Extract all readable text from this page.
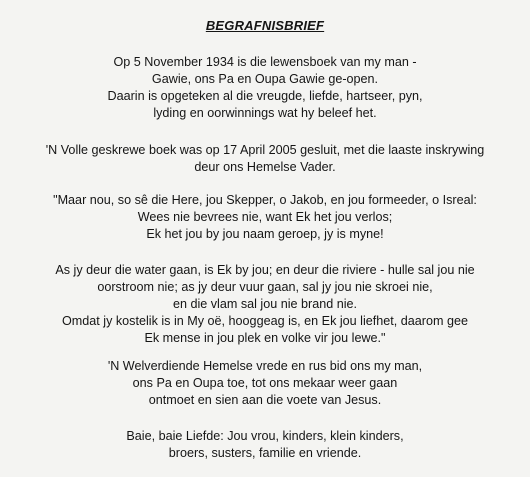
BEGRAFNISBRIEF
Op 5 November 1934 is die lewensboek van my man -
Gawie, ons Pa en Oupa Gawie ge-open.
Daarin is opgeteken al die vreugde, liefde, hartseer, pyn,
lyding en oorwinnings wat hy beleef het.
'N Volle geskrewe boek was op 17 April 2005 gesluit, met die laaste inskrywing
deur ons Hemelse Vader.
"Maar nou, so sê die Here, jou Skepper, o Jakob, en jou formeeder, o Isreal:
Wees nie bevrees nie, want Ek het jou verlos;
Ek het jou by jou naam geroep, jy is myne!
As jy deur die water gaan, is Ek by jou; en deur die riviere - hulle sal jou nie
oorstroom nie; as jy deur vuur gaan, sal jy jou nie skroei nie,
en die vlam sal jou nie brand nie.
Omdat jy kostelik is in My oë, hooggeag is, en Ek jou liefhet, daarom gee
Ek mense in jou plek en volke vir jou lewe."
'N Welverdiende Hemelse vrede en rus bid ons my man,
ons Pa en Oupa toe, tot ons mekaar weer gaan
ontmoet en sien aan die voete van Jesus.
Baie, baie Liefde: Jou vrou, kinders, klein kinders,
broers, susters, familie en vriende.
